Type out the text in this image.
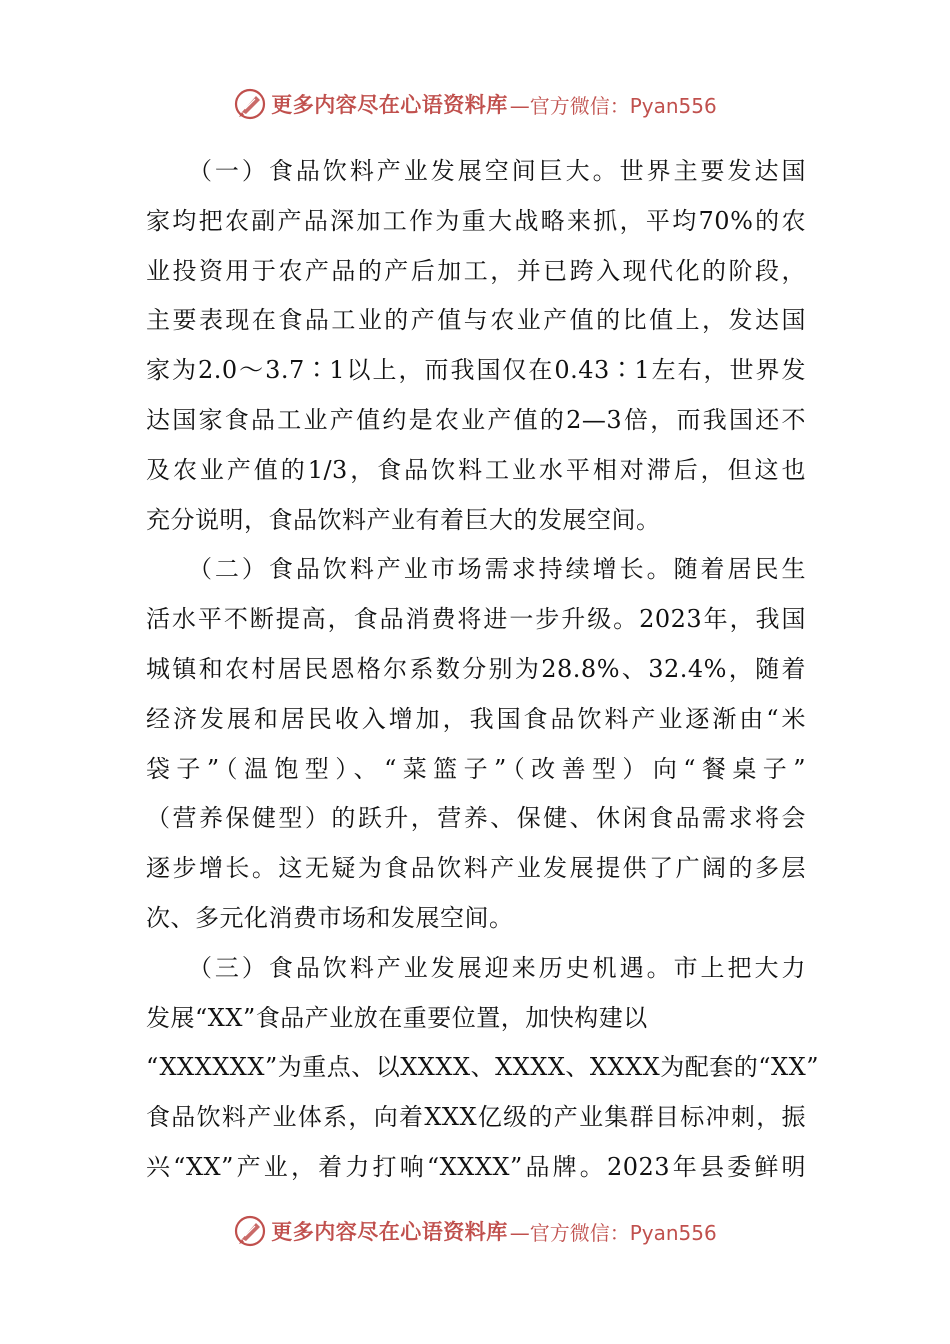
更多内容尽在心语资料库 —官方微信：Pyan556
　　（一）食品饮料产业发展空间巨大。世界主要发达国
家均把农副产品深加工作为重大战略来抓，平均70%的农
业投资用于农产品的产后加工，并已跨入现代化的阶段，
主要表现在食品工业的产值与农业产值的比值上，发达国
家为2.0～3.7∶1以上，而我国仅在0.43∶1左右，世界发
达国家食品工业产值约是农业产值的2—3倍，而我国还不
及农业产值的1/3，食品饮料工业水平相对滞后，但这也
充分说明，食品饮料产业有着巨大的发展空间。
　　（二）食品饮料产业市场需求持续增长。随着居民生
活水平不断提高，食品消费将进一步升级。2023年，我国
城镇和农村居民恩格尔系数分别为28.8%、32.4%，随着
经济发展和居民收入增加，我国食品饮料产业逐渐由“米
袋子”（温饱型）、“菜篮子”（改善型）向“餐桌子”
（营养保健型）的跃升，营养、保健、休闲食品需求将会
逐步增长。这无疑为食品饮料产业发展提供了广阔的多层
次、多元化消费市场和发展空间。
　　（三）食品饮料产业发展迎来历史机遇。市上把大力
发展“XX”食品产业放在重要位置，加快构建以
“XXXXXX”为重点、以XXXX、XXXX、XXXX为配套的“XX”
食品饮料产业体系，向着XXX亿级的产业集群目标冲刺，振
兴“XX”产业，着力打响“XXXX”品牌。2023年县委鲜明
更多内容尽在心语资料库 —官方微信：Pyan556
